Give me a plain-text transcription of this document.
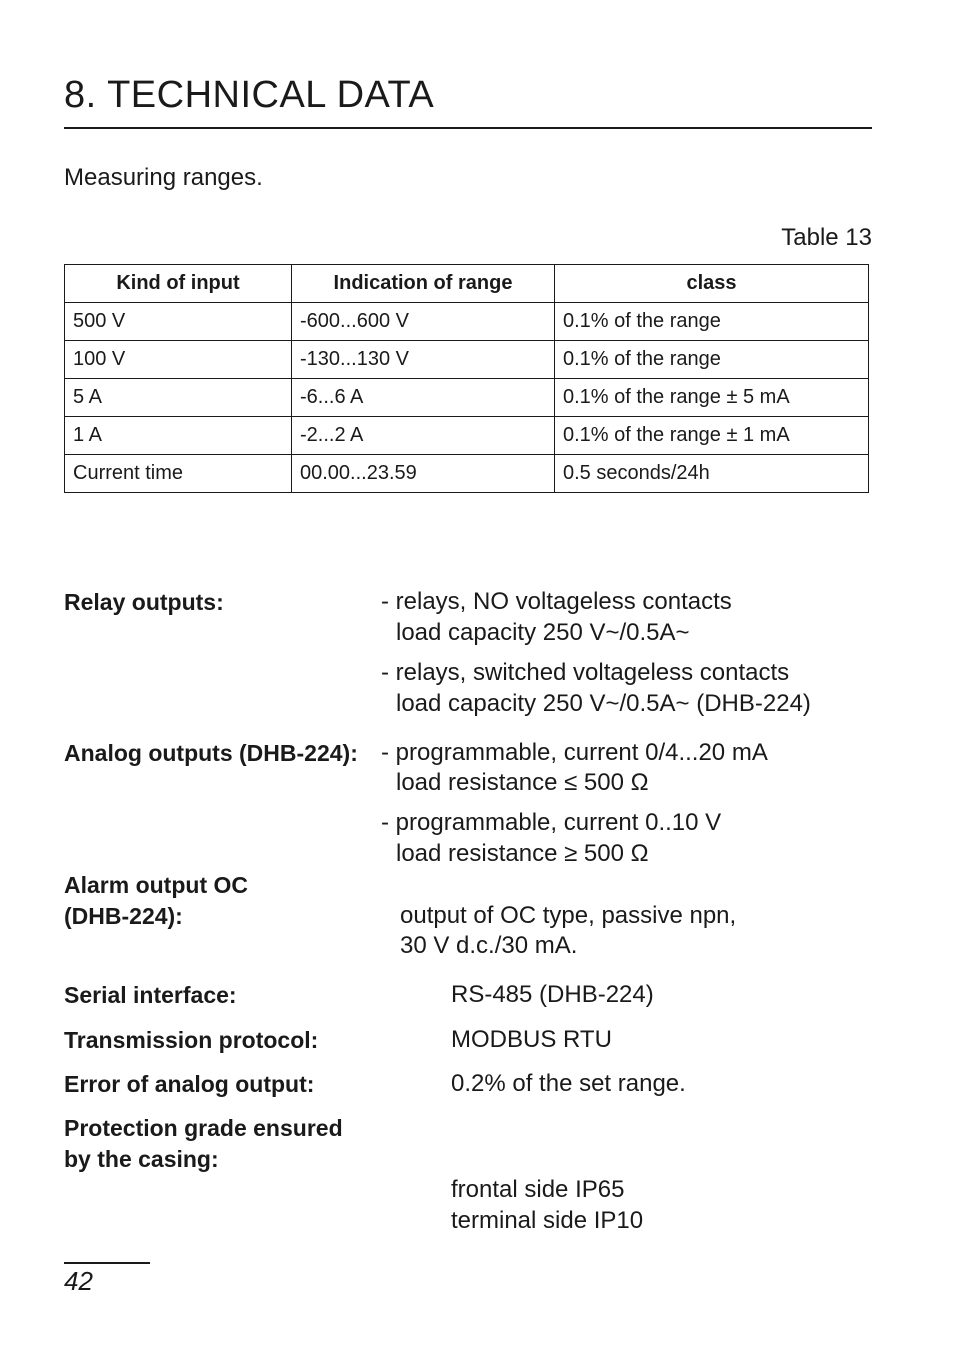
8. TECHNICAL DATA
Measuring ranges.
Table 13
Kind of input	Indication of range	class
500 V	-600...600 V	0.1% of the range
100 V	-130...130 V	0.1% of the range
5 A	-6...6 A	0.1% of the range ± 5 mA
1 A	-2...2 A	0.1% of the range ± 1 mA
Current time	00.00...23.59	0.5 seconds/24h
Relay outputs:	- relays, NO voltageless contacts
load capacity 250 V~/0.5A~
- relays, switched voltageless contacts
load capacity 250 V~/0.5A~ (DHB-224)
Analog outputs (DHB-224): - programmable, current 0/4...20 mA
load resistance ≤ 500 Ω
- programmable, current 0..10 V
load resistance ≥ 500 Ω
Alarm output OC
(DHB-224):	output of OC type, passive npn,
30 V d.c./30 mA.
Serial interface:	RS-485 (DHB-224)
Transmission protocol:	MODBUS RTU
Error of analog output:	0.2% of the set range.
Protection grade ensured
by the casing:
frontal side IP65
terminal side IP10
42
